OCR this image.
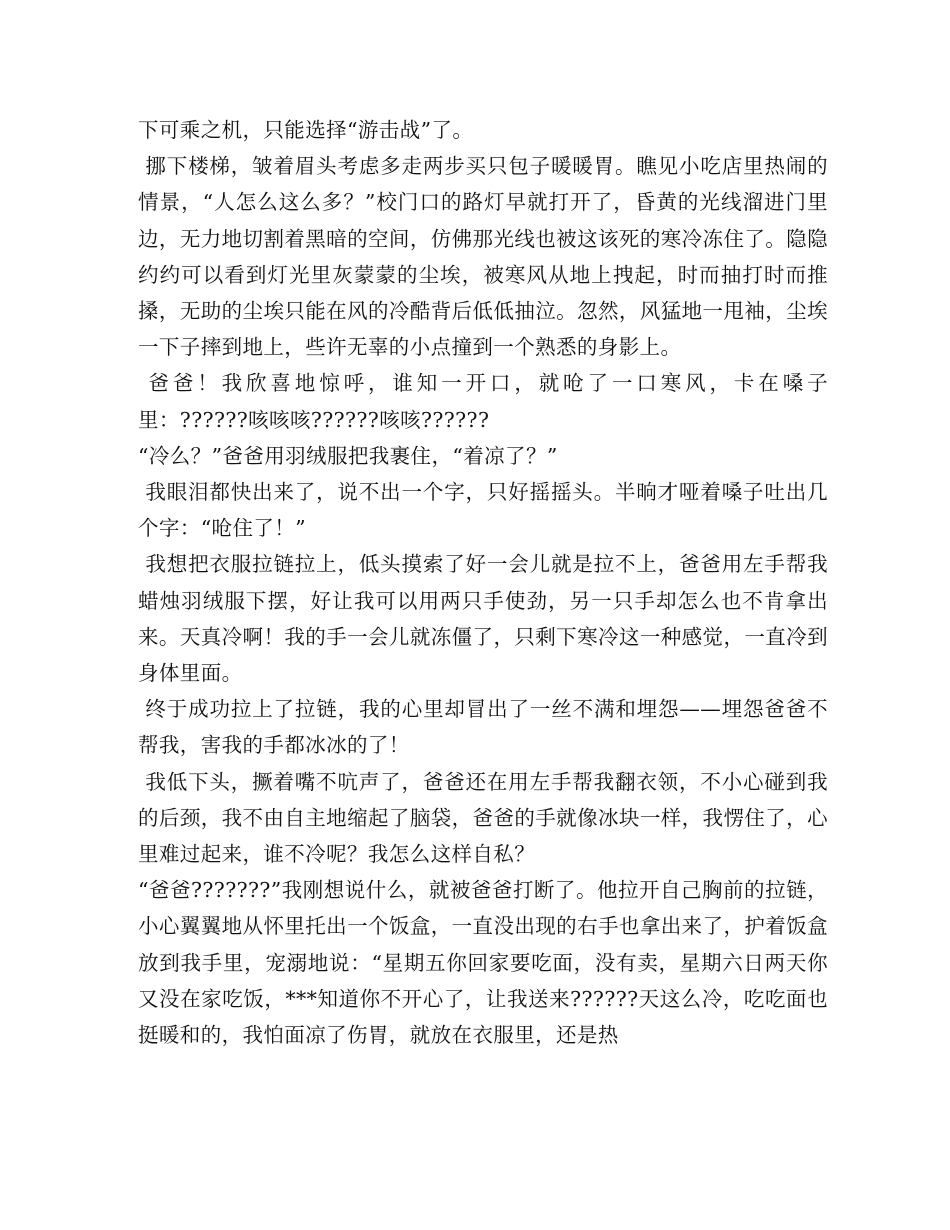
下可乘之机，只能选择“游击战”了。

挪下楼梯，皱着眉头考虑多走两步买只包子暖暖胃。瞧见小吃店里热闹的情景，“人怎么这么多？”校门口的路灯早就打开了，昏黄的光线溜进门里边，无力地切割着黑暗的空间，仿佛那光线也被这该死的寒冷冻住了。隐隐约约可以看到灯光里灰蒙蒙的尘埃，被寒风从地上拽起，时而抽打时而推搡，无助的尘埃只能在风的冷酷背后低低抽泣。忽然，风猛地一甩袖，尘埃一下子摔到地上，些许无辜的小点撞到一个熟悉的身影上。

爸爸！我欣喜地惊呼，谁知一开口，就呛了一口寒风，卡在嗓子里：??????咳咳咳??????咳咳??????

“冷么？”爸爸用羽绒服把我裹住，“着凉了？”

我眼泪都快出来了，说不出一个字，只好摇摇头。半晌才哑着嗓子吐出几个字：“呛住了！”

我想把衣服拉链拉上，低头摸索了好一会儿就是拉不上，爸爸用左手帮我蜡烛羽绒服下摆，好让我可以用两只手使劲，另一只手却怎么也不肯拿出来。天真冷啊！我的手一会儿就冻僵了，只剩下寒冷这一种感觉，一直冷到身体里面。

终于成功拉上了拉链，我的心里却冒出了一丝不满和埋怨——埋怨爸爸不帮我，害我的手都冰冰的了！

我低下头，撅着嘴不吭声了，爸爸还在用左手帮我翻衣领，不小心碰到我的后颈，我不由自主地缩起了脑袋，爸爸的手就像冰块一样，我愣住了，心里难过起来，谁不冷呢？我怎么这样自私？

“爸爸???????”我刚想说什么，就被爸爸打断了。他拉开自己胸前的拉链，小心翼翼地从怀里托出一个饭盒，一直没出现的右手也拿出来了，护着饭盒放到我手里，宠溺地说：“星期五你回家要吃面，没有卖，星期六日两天你又没在家吃饭，***知道你不开心了，让我送来??????天这么冷，吃吃面也挺暖和的，我怕面凉了伤胃，就放在衣服里，还是热
